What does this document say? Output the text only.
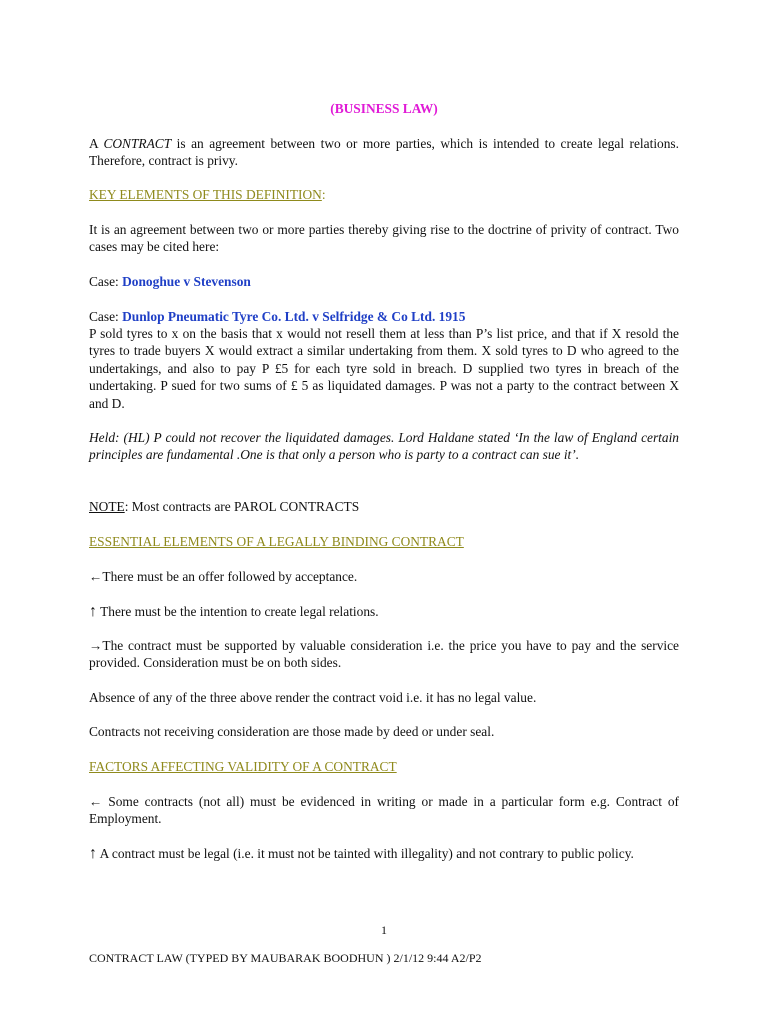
(BUSINESS LAW)

A CONTRACT is an agreement between two or more parties, which is intended to create legal relations. Therefore, contract is privy.

KEY ELEMENTS OF THIS DEFINITION:

It is an agreement between two or more parties thereby giving rise to the doctrine of privity of contract. Two cases may be cited here:

Case: Donoghue v Stevenson

Case: Dunlop Pneumatic Tyre Co. Ltd. v Selfridge & Co Ltd. 1915

P sold tyres to x on the basis that x would not resell them at less than P’s list price, and that if X resold the tyres to trade buyers X would extract a similar undertaking from them. X sold tyres to D who agreed to the undertakings, and also to pay P £5 for each tyre sold in breach. D supplied two tyres in breach of the undertaking. P sued for two sums of £ 5 as liquidated damages. P was not a party to the contract between X and D.

Held: (HL) P could not recover the liquidated damages. Lord Haldane stated ‘In the law of England certain principles are fundamental .One is that only a person who is party to a contract can sue it’.

NOTE: Most contracts are PAROL CONTRACTS

ESSENTIAL ELEMENTS OF A LEGALLY BINDING CONTRACT

←There must be an offer followed by acceptance.

↑ There must be the intention to create legal relations.

→The contract must be supported by valuable consideration i.e. the price you have to pay and the service provided. Consideration must be on both sides.

Absence of any of the three above render the contract void i.e. it has no legal value.

Contracts not receiving consideration are those made by deed or under seal.

FACTORS AFFECTING VALIDITY OF A CONTRACT

← Some contracts (not all) must be evidenced in writing or made in a particular form e.g. Contract of Employment.

↑ A contract must be legal (i.e. it must not be tainted with illegality) and not contrary to public policy.

1
CONTRACT LAW (TYPED BY MAUBARAK BOODHUN ) 2/1/12 9:44 A2/P2
